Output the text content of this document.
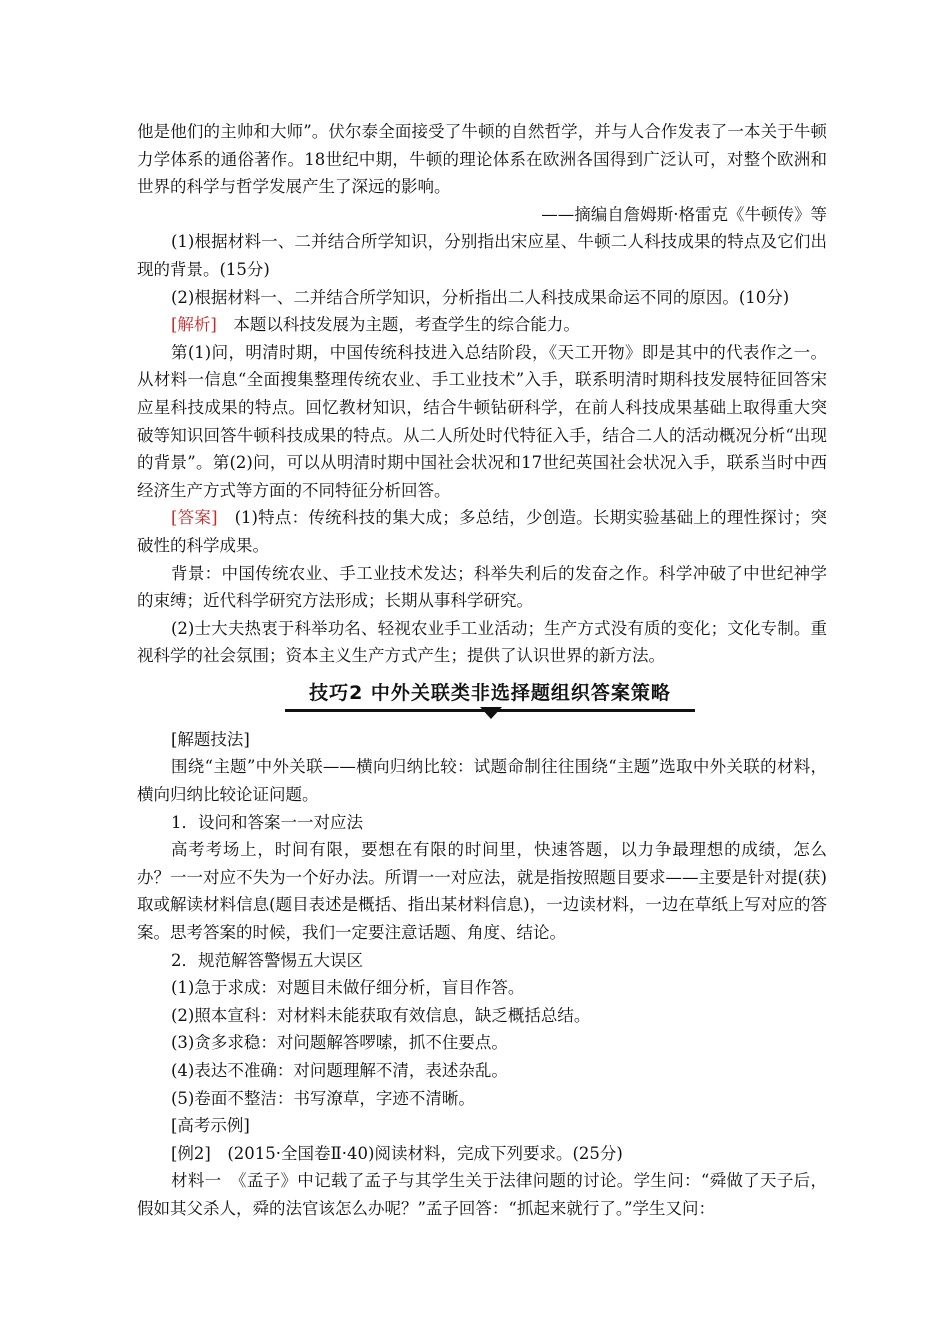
他是他们的主帅和大师”。伏尔泰全面接受了牛顿的自然哲学，并与人合作发表了一本关于牛顿力学体系的通俗著作。18世纪中期，牛顿的理论体系在欧洲各国得到广泛认可，对整个欧洲和世界的科学与哲学发展产生了深远的影响。

——摘编自詹姆斯·格雷克《牛顿传》等

(1)根据材料一、二并结合所学知识，分别指出宋应星、牛顿二人科技成果的特点及它们出现的背景。(15分)

(2)根据材料一、二并结合所学知识，分析指出二人科技成果命运不同的原因。(10分)

[解析]　本题以科技发展为主题，考查学生的综合能力。

第(1)问，明清时期，中国传统科技进入总结阶段，《天工开物》即是其中的代表作之一。从材料一信息“全面搜集整理传统农业、手工业技术”入手，联系明清时期科技发展特征回答宋应星科技成果的特点。回忆教材知识，结合牛顿钻研科学，在前人科技成果基础上取得重大突破等知识回答牛顿科技成果的特点。从二人所处时代特征入手，结合二人的活动概况分析“出现的背景”。第(2)问，可以从明清时期中国社会状况和17世纪英国社会状况入手，联系当时中西经济生产方式等方面的不同特征分析回答。

[答案]　(1)特点：传统科技的集大成；多总结，少创造。长期实验基础上的理性探讨；突破性的科学成果。

背景：中国传统农业、手工业技术发达；科举失利后的发奋之作。科学冲破了中世纪神学的束缚；近代科学研究方法形成；长期从事科学研究。

(2)士大夫热衷于科举功名、轻视农业手工业活动；生产方式没有质的变化；文化专制。重视科学的社会氛围；资本主义生产方式产生；提供了认识世界的新方法。

技巧2 中外关联类非选择题组织答案策略

[解题技法]

围绕“主题”中外关联——横向归纳比较：试题命制往往围绕“主题”选取中外关联的材料，横向归纳比较论证问题。

1．设问和答案一一对应法

高考考场上，时间有限，要想在有限的时间里，快速答题，以力争最理想的成绩，怎么办？一一对应不失为一个好办法。所谓一一对应法，就是指按照题目要求——主要是针对提(获)取或解读材料信息(题目表述是概括、指出某材料信息)，一边读材料，一边在草纸上写对应的答案。思考答案的时候，我们一定要注意话题、角度、结论。

2．规范解答警惕五大误区

(1)急于求成：对题目未做仔细分析，盲目作答。

(2)照本宣科：对材料未能获取有效信息，缺乏概括总结。

(3)贪多求稳：对问题解答啰嗦，抓不住要点。

(4)表达不准确：对问题理解不清，表述杂乱。

(5)卷面不整洁：书写潦草，字迹不清晰。

[高考示例]

[例2]　(2015·全国卷Ⅱ·40)阅读材料，完成下列要求。(25分)

材料一　《孟子》中记载了孟子与其学生关于法律问题的讨论。学生问：“舜做了天子后，假如其父杀人，舜的法官该怎么办呢？”孟子回答：“抓起来就行了。”学生又问：
